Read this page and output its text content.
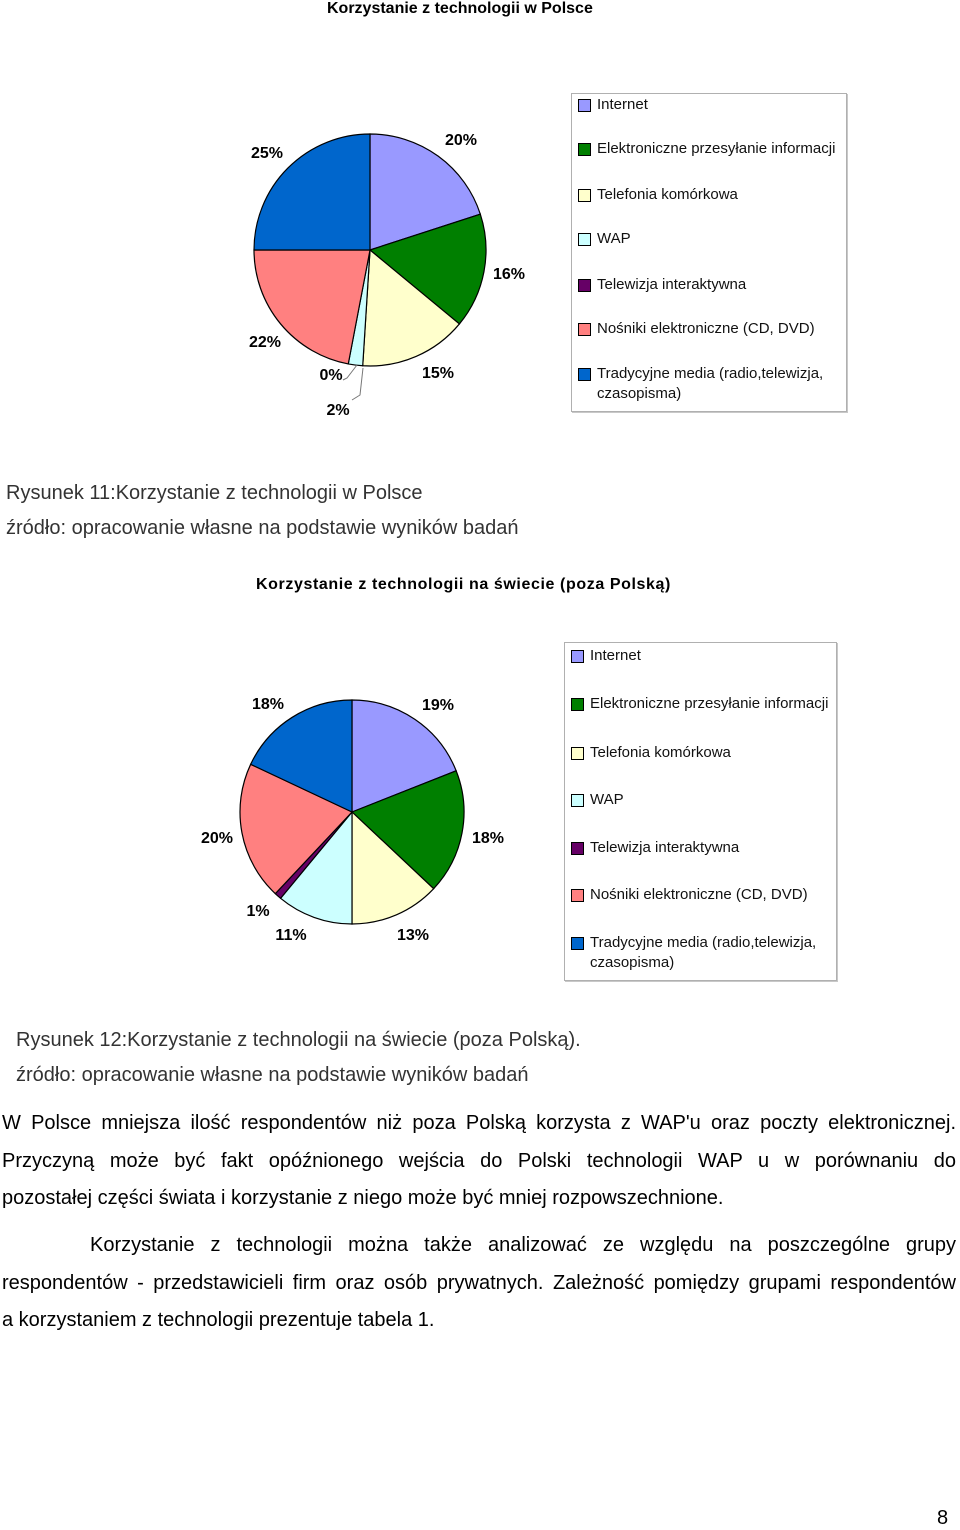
Korzystanie z technologii w Polsce
20%
16%
15%
2%
0%
22%
25%
Internet
Elektroniczne przesyłanie informacji
Telefonia komórkowa
WAP
Telewizja interaktywna
Nośniki elektroniczne (CD, DVD)
Tradycyjne media (radio,telewizja, czasopisma)
Rysunek 11:Korzystanie z technologii w Polsce
źródło: opracowanie własne na podstawie wyników badań
Korzystanie z technologii na świecie (poza Polską)
19%
18%
13%
11%
1%
20%
18%
Internet
Elektroniczne przesyłanie informacji
Telefonia komórkowa
WAP
Telewizja interaktywna
Nośniki elektroniczne (CD, DVD)
Tradycyjne media (radio,telewizja, czasopisma)
Rysunek 12:Korzystanie z technologii na świecie (poza Polską).
źródło: opracowanie własne na podstawie wyników badań
W Polsce mniejsza ilość respondentów niż poza Polską korzysta z WAP'u oraz poczty elektronicznej.
Przyczyną może być fakt opóźnionego wejścia do Polski technologii WAP u w porównaniu do
pozostałej części świata i korzystanie z niego może być mniej rozpowszechnione.
Korzystanie z technologii można także analizować ze względu na poszczególne grupy
respondentów - przedstawicieli firm oraz osób prywatnych. Zależność pomiędzy grupami respondentów
a korzystaniem z technologii prezentuje tabela 1.
8
